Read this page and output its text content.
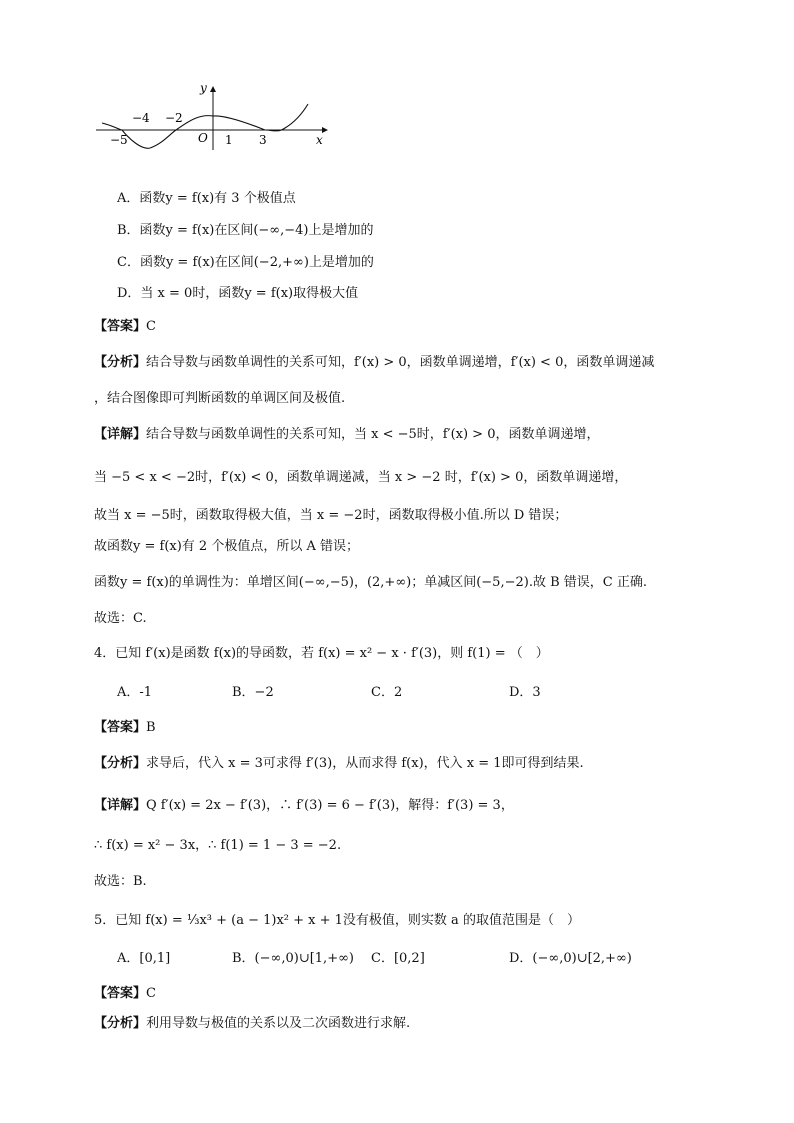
y
x
O
−5
−4 −2
1 3
A．函数y = f(x)有 3 个极值点
B．函数y = f(x)在区间(−∞,−4)上是增加的
C．函数y = f(x)在区间(−2,+∞)上是增加的
D．当 x = 0时，函数y = f(x)取得极大值
【答案】C
【分析】结合导数与函数单调性的关系可知，f′(x) > 0，函数单调递增，f′(x) < 0，函数单调递减
，结合图像即可判断函数的单调区间及极值.
【详解】结合导数与函数单调性的关系可知，当 x < −5时，f′(x) > 0，函数单调递增，
当 −5 < x < −2时，f′(x) < 0，函数单调递减，当 x > −2 时，f′(x) > 0，函数单调递增，
故当 x = −5时，函数取得极大值，当 x = −2时，函数取得极小值.所以 D 错误；
故函数y = f(x)有 2 个极值点，所以 A 错误；
函数y = f(x)的单调性为：单增区间(−∞,−5)，(2,+∞)；单减区间(−5,−2).故 B 错误，C 正确.
故选：C.
4．已知 f′(x)是函数 f(x)的导函数，若 f(x) = x² − x · f′(3)，则 f(1) = （　）
A．-1	B．−2	C．2	D．3
【答案】B
【分析】求导后，代入 x = 3可求得 f′(3)，从而求得 f(x)，代入 x = 1即可得到结果.
【详解】Q f′(x) = 2x − f′(3)，∴ f′(3) = 6 − f′(3)，解得：f′(3) = 3，
∴ f(x) = x² − 3x，∴ f(1) = 1 − 3 = −2.
故选：B.
5．已知 f(x) = ⅓x³ + (a − 1)x² + x + 1没有极值，则实数 a 的取值范围是（　）
A．[0,1]	B．(−∞,0)∪[1,+∞) C．[0,2]	D．(−∞,0)∪[2,+∞)
【答案】C
【分析】利用导数与极值的关系以及二次函数进行求解.
